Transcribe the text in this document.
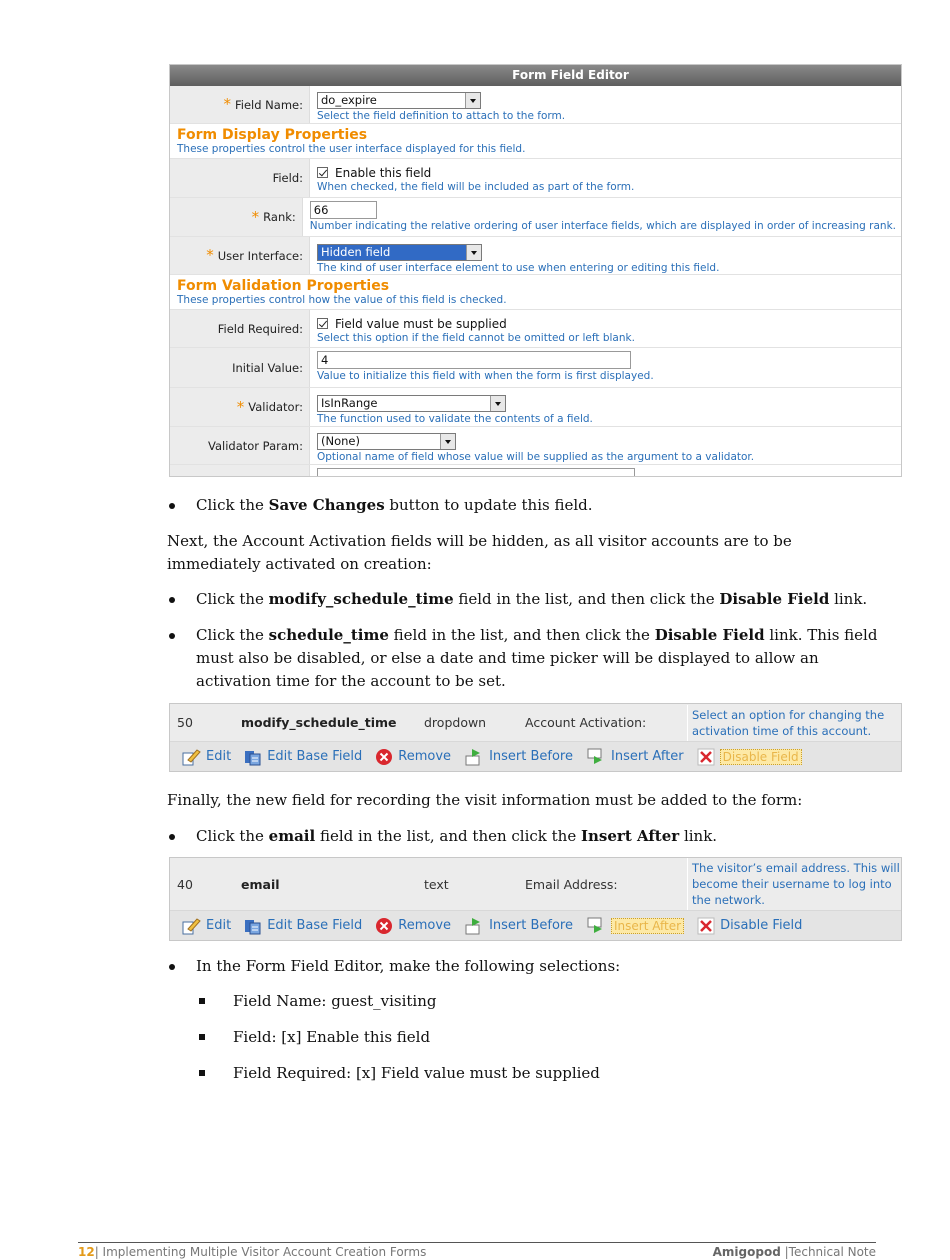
Form Field Editor
* Field Name: do_expire
Select the field definition to attach to the form.
Form Display Properties

These properties control the user interface displayed for this field.

Field:	Enable this field
When checked, the field will be included as part of the form.
* Rank:	66
Number indicating the relative ordering of user interface fields, which are displayed in order of increasing rank.
* User Interface: Hidden field
The kind of user interface element to use when entering or editing this field.
Form Validation Properties

These properties control how the value of this field is checked.

Field Required:	Field value must be supplied
Select this option if the field cannot be omitted or left blank.
Initial Value:
4
Value to initialize this field with when the form is first displayed.
* Validator: IsInRange
The function used to validate the contents of a field.
Validator Param: (None)
Optional name of field whose value will be supplied as the argument to a validator.
Click the Save Changes button to update this field.
Next, the Account Activation fields will be hidden, as all visitor accounts are to be immediately activated on creation:
Click the modify_schedule_time field in the list, and then click the Disable Field link.
Click the schedule_time field in the list, and then click the Disable Field link. This field must also be disabled, or else a date and time picker will be displayed to allow an activation time for the account to be set.
50	modify_schedule_time	dropdown	Account Activation:
Select an option for changing the activation time of this account.
Edit	Edit Base Field	Remove	Insert Before	Insert After	Disable Field
Finally, the new field for recording the visit information must be added to the form:
Click the email field in the list, and then click the Insert After link.
40	email	text	Email Address:
The visitor’s email address. This will become their username to log into the network.
Edit	Edit Base Field	Remove	Insert Before	Insert After	Disable Field
In the Form Field Editor, make the following selections:
Field Name: guest_visiting
Field: [x] Enable this field
Field Required: [x] Field value must be supplied
12| Implementing Multiple Visitor Account Creation Forms	Amigopod |Technical Note
